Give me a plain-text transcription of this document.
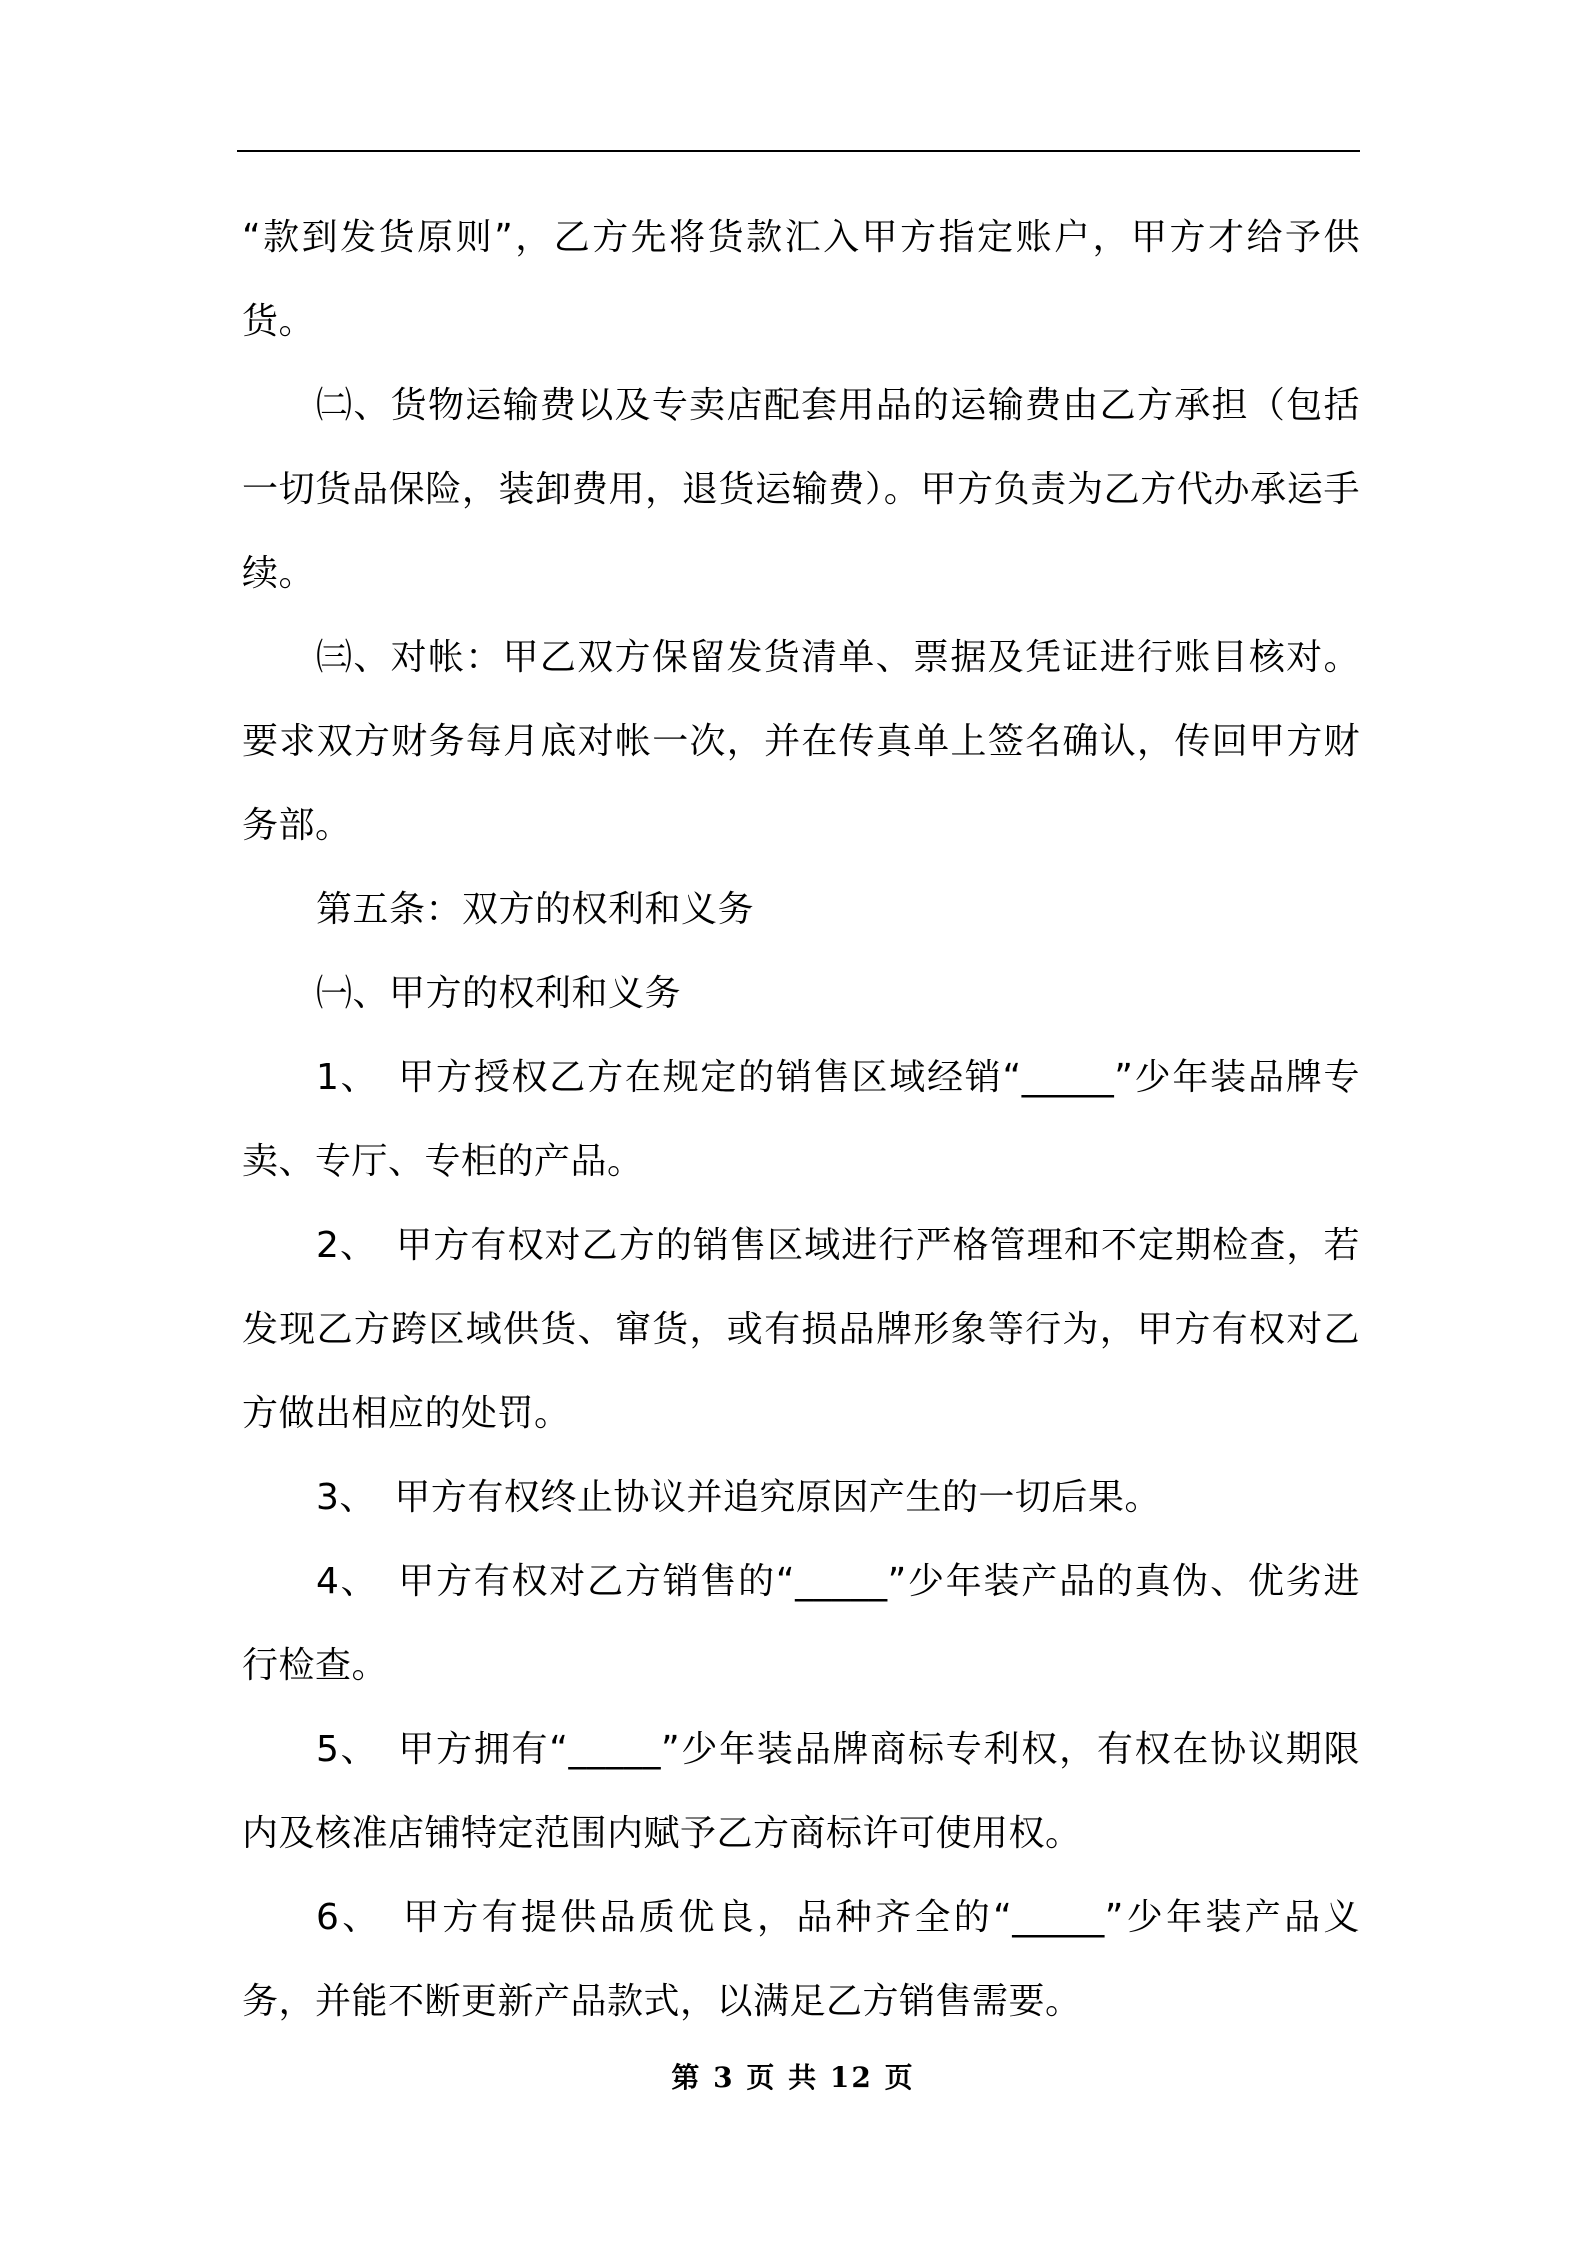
“款到发货原则”，乙方先将货款汇入甲方指定账户，甲方才给予供货。

㈡、货物运输费以及专卖店配套用品的运输费由乙方承担（包括一切货品保险，装卸费用，退货运输费）。甲方负责为乙方代办承运手续。

㈢、对帐：甲乙双方保留发货清单、票据及凭证进行账目核对。要求双方财务每月底对帐一次，并在传真单上签名确认，传回甲方财务部。

第五条：双方的权利和义务

㈠、甲方的权利和义务

1、　甲方授权乙方在规定的销售区域经销“_____”少年装品牌专卖、专厅、专柜的产品。

2、　甲方有权对乙方的销售区域进行严格管理和不定期检查，若发现乙方跨区域供货、窜货，或有损品牌形象等行为，甲方有权对乙方做出相应的处罚。

3、　甲方有权终止协议并追究原因产生的一切后果。

4、　甲方有权对乙方销售的“_____”少年装产品的真伪、优劣进行检查。

5、　甲方拥有“_____”少年装品牌商标专利权，有权在协议期限内及核准店铺特定范围内赋予乙方商标许可使用权。

6、　甲方有提供品质优良，品种齐全的“_____”少年装产品义务，并能不断更新产品款式，以满足乙方销售需要。

第 3 页 共 12 页
